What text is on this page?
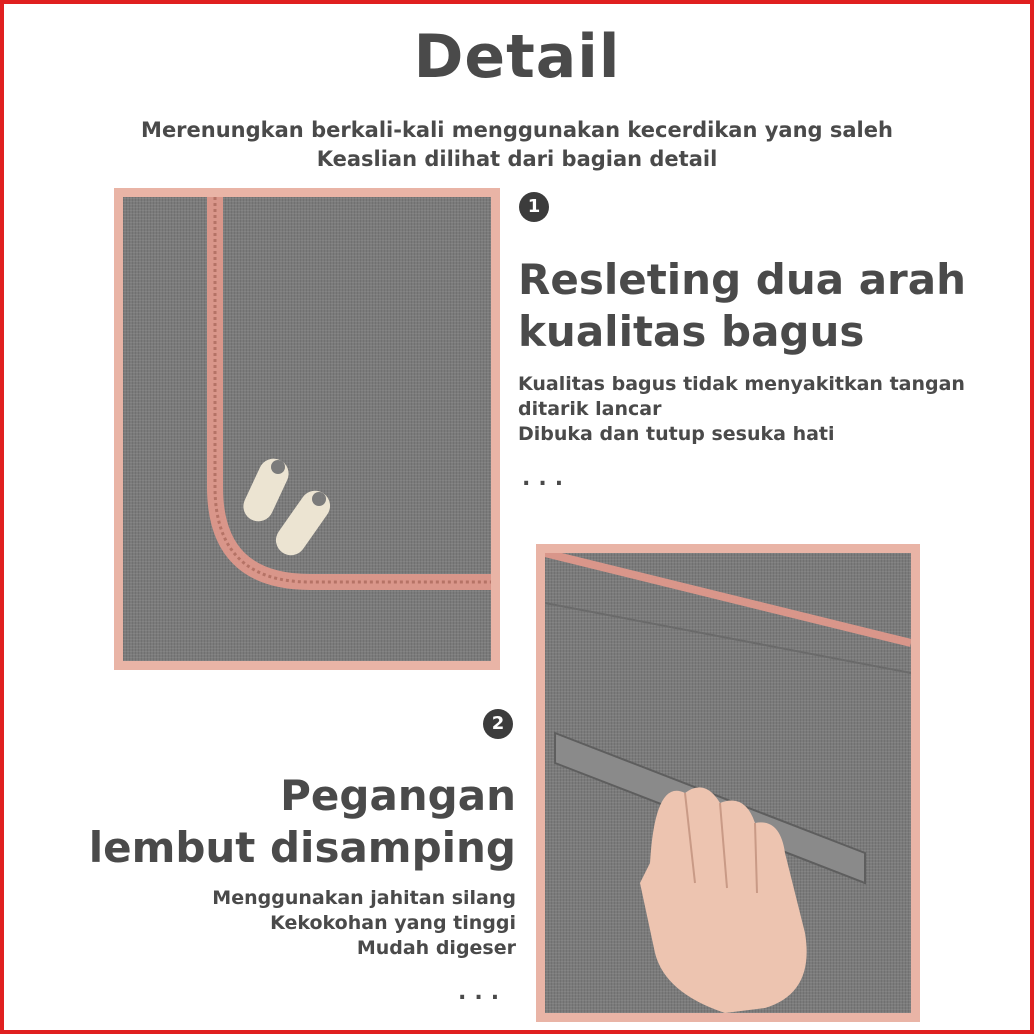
Detail
Merenungkan berkali-kali menggunakan kecerdikan yang saleh
Keaslian dilihat dari bagian detail
1
Resleting dua arah
kualitas bagus
Kualitas bagus tidak menyakitkan tangan
ditarik lancar
Dibuka dan tutup sesuka hati
...
2
Pegangan
lembut disamping
Menggunakan jahitan silang
Kekokohan yang tinggi
Mudah digeser
...
